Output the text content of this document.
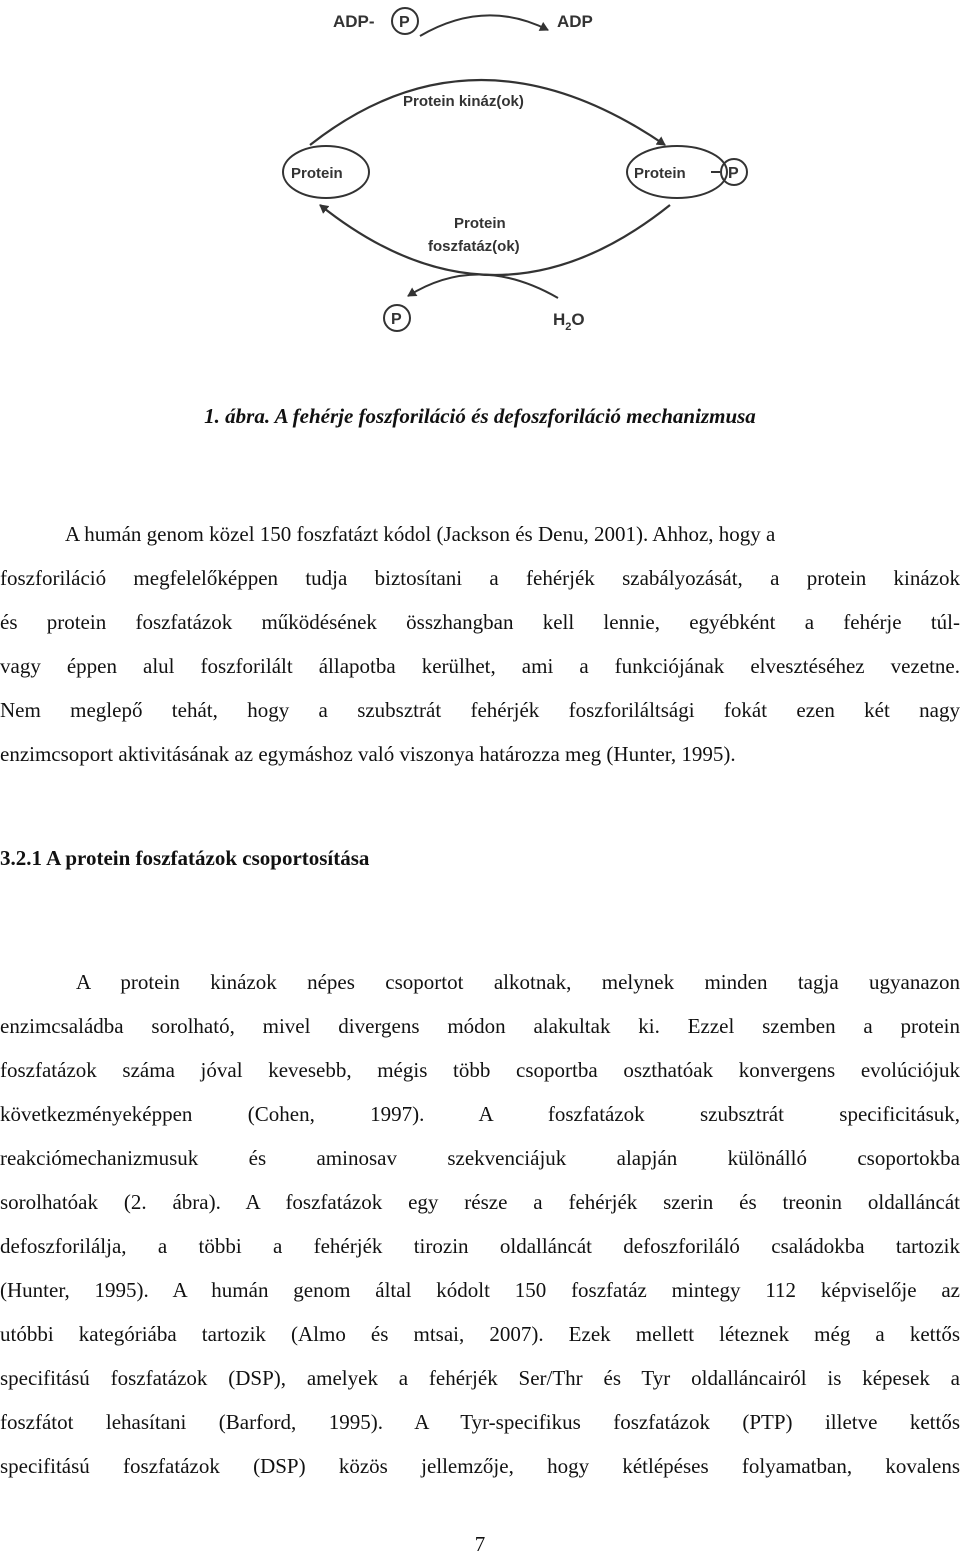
ADP- P	ADP
Protein kináz(ok)
Protein	Protein	P
Protein
foszfatáz(ok)
P	$H_2O$
1. ábra. A fehérje foszforiláció és defoszforiláció mechanizmusa
A humán genom közel 150 foszfatázt kódol (Jackson és Denu, 2001). Ahhoz, hogy a
foszforiláció megfelelőképpen tudja biztosítani a fehérjék szabályozását, a protein kinázok
és protein foszfatázok működésének összhangban kell lennie, egyébként a fehérje túl-
vagy éppen alul foszforilált állapotba kerülhet, ami a funkciójának elvesztéséhez vezetne.
Nem meglepő tehát, hogy a szubsztrát fehérjék foszforiláltsági fokát ezen két nagy
enzimcsoport aktivitásának az egymáshoz való viszonya határozza meg (Hunter, 1995).
3.2.1 A protein foszfatázok csoportosítása
A protein kinázok népes csoportot alkotnak, melynek minden tagja ugyanazon
enzimcsaládba sorolható, mivel divergens módon alakultak ki. Ezzel szemben a protein
foszfatázok száma jóval kevesebb, mégis több csoportba oszthatóak konvergens evolúciójuk
következményeképpen (Cohen, 1997). A foszfatázok szubsztrát specificitásuk,
reakciómechanizmusuk és aminosav szekvenciájuk alapján különálló csoportokba
sorolhatóak (2. ábra). A foszfatázok egy része a fehérjék szerin és treonin oldalláncát
defoszforilálja, a többi a fehérjék tirozin oldalláncát defoszforiláló családokba tartozik
(Hunter, 1995). A humán genom által kódolt 150 foszfatáz mintegy 112 képviselője az
utóbbi kategóriába tartozik (Almo és mtsai, 2007). Ezek mellett léteznek még a kettős
specifitású foszfatázok (DSP), amelyek a fehérjék Ser/Thr és Tyr oldalláncairól is képesek a
foszfátot lehasítani (Barford, 1995). A Tyr-specifikus foszfatázok (PTP) illetve kettős
specifitású foszfatázok (DSP) közös jellemzője, hogy kétlépéses folyamatban, kovalens
7
